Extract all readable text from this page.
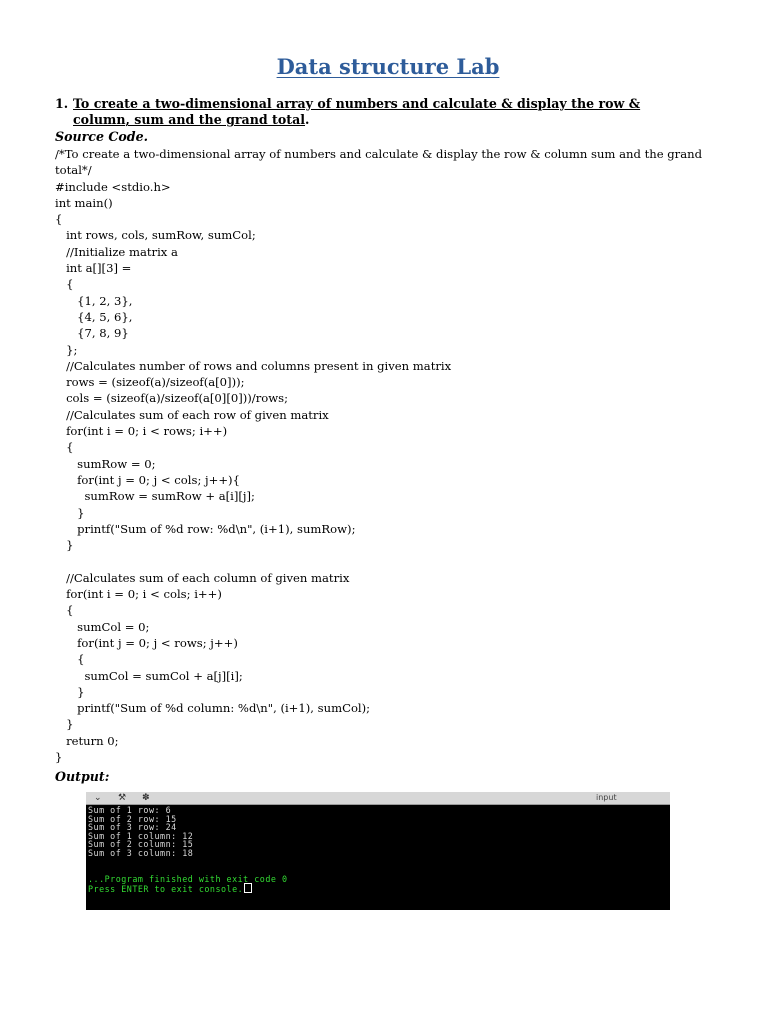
Data structure Lab
1. To create a two-dimensional array of numbers and calculate & display the row & column, sum and the grand total.
Source Code.
/*To create a two-dimensional array of numbers and calculate & display the row & column sum and the grand total*/
#include <stdio.h>
int main()
{
int rows, cols, sumRow, sumCol;
//Initialize matrix a
int a[][3] =
{
{1, 2, 3},
{4, 5, 6},
{7, 8, 9}
};
//Calculates number of rows and columns present in given matrix
rows = (sizeof(a)/sizeof(a[0]));
cols = (sizeof(a)/sizeof(a[0][0]))/rows;
//Calculates sum of each row of given matrix
for(int i = 0; i < rows; i++)
{
sumRow = 0;
for(int j = 0; j < cols; j++){
sumRow = sumRow + a[i][j];
}
printf("Sum of %d row: %d\n", (i+1), sumRow);
}

//Calculates sum of each column of given matrix
for(int i = 0; i < cols; i++)
{
sumCol = 0;
for(int j = 0; j < rows; j++)
{
sumCol = sumCol + a[j][i];
}
printf("Sum of %d column: %d\n", (i+1), sumCol);
}
return 0;
}
Output:
⌄ ⚒ ✽	input
Sum of 1 row: 6
Sum of 2 row: 15
Sum of 3 row: 24
Sum of 1 column: 12
Sum of 2 column: 15
Sum of 3 column: 18
...Program finished with exit code 0
Press ENTER to exit console.
